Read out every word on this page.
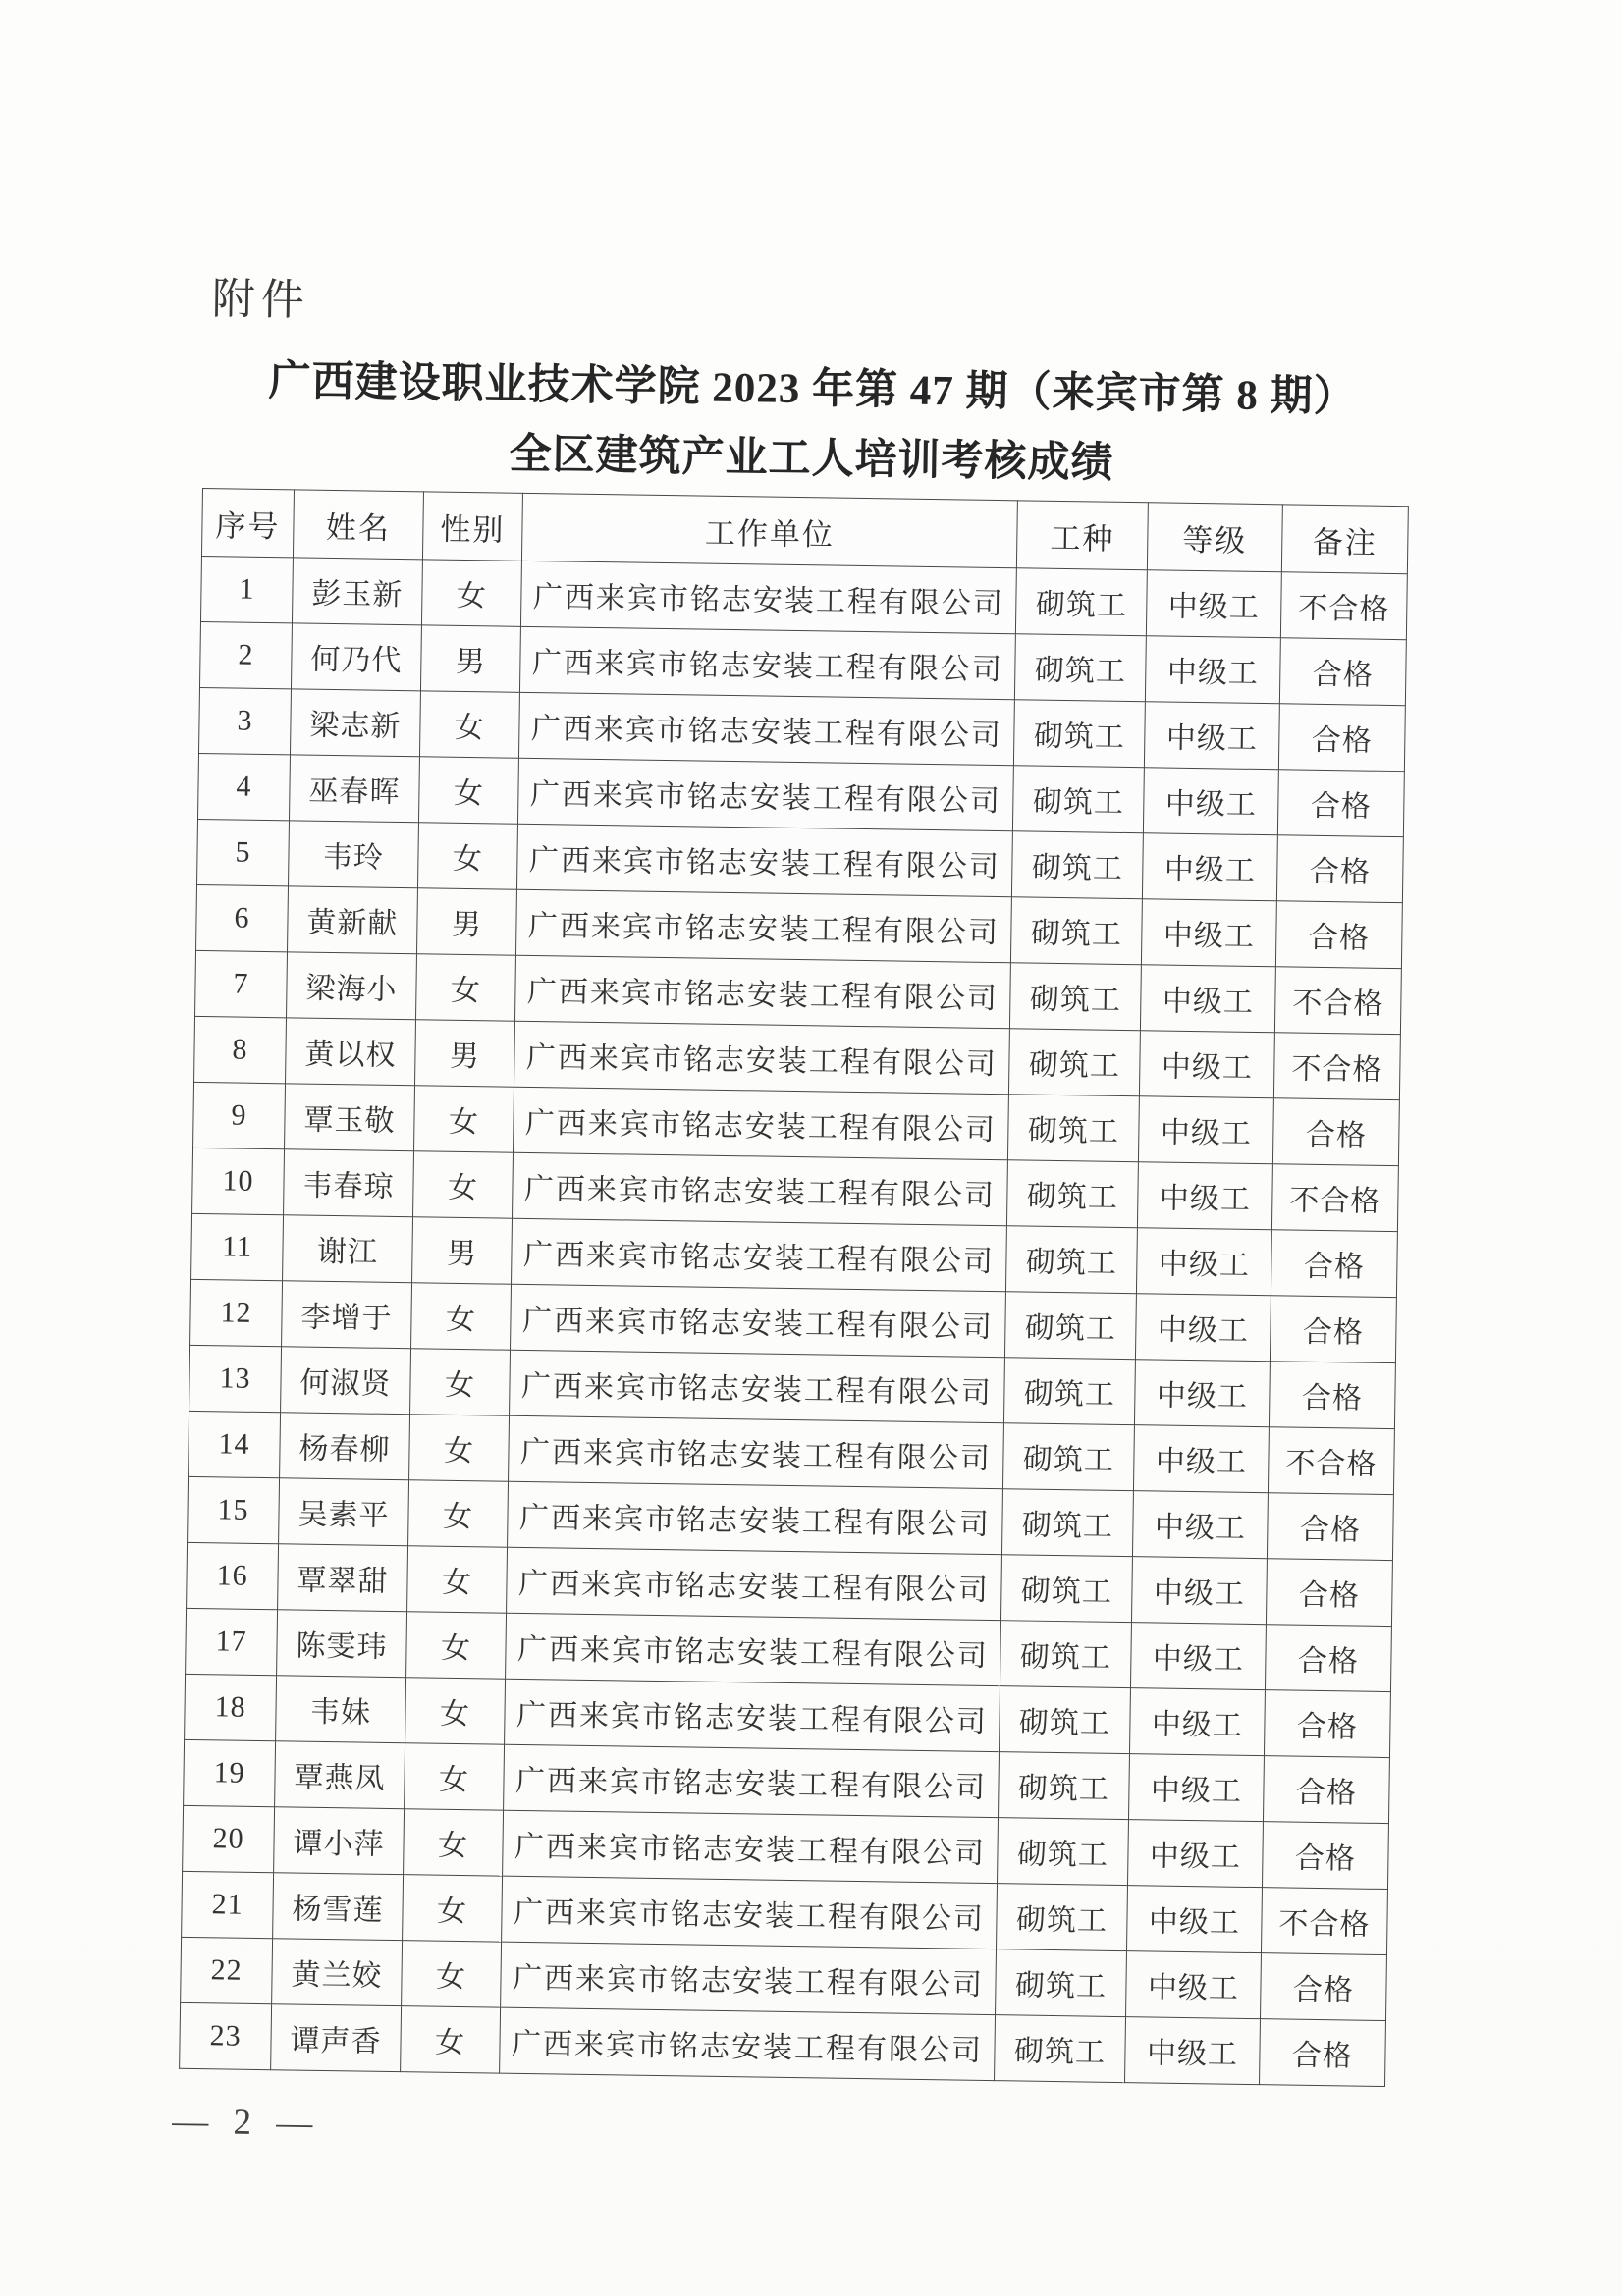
附件
广西建设职业技术学院 2023 年第 47 期（来宾市第 8 期）
全区建筑产业工人培训考核成绩
序号	姓名	性别	工作单位	工种	等级	备注
1	彭玉新	女	广西来宾市铭志安装工程有限公司	砌筑工	中级工	不合格
2	何乃代	男	广西来宾市铭志安装工程有限公司	砌筑工	中级工	合格
3	梁志新	女	广西来宾市铭志安装工程有限公司	砌筑工	中级工	合格
4	巫春晖	女	广西来宾市铭志安装工程有限公司	砌筑工	中级工	合格
5	韦玲	女	广西来宾市铭志安装工程有限公司	砌筑工	中级工	合格
6	黄新献	男	广西来宾市铭志安装工程有限公司	砌筑工	中级工	合格
7	梁海小	女	广西来宾市铭志安装工程有限公司	砌筑工	中级工	不合格
8	黄以权	男	广西来宾市铭志安装工程有限公司	砌筑工	中级工	不合格
9	覃玉敬	女	广西来宾市铭志安装工程有限公司	砌筑工	中级工	合格
10	韦春琼	女	广西来宾市铭志安装工程有限公司	砌筑工	中级工	不合格
11	谢江	男	广西来宾市铭志安装工程有限公司	砌筑工	中级工	合格
12	李增于	女	广西来宾市铭志安装工程有限公司	砌筑工	中级工	合格
13	何淑贤	女	广西来宾市铭志安装工程有限公司	砌筑工	中级工	合格
14	杨春柳	女	广西来宾市铭志安装工程有限公司	砌筑工	中级工	不合格
15	吴素平	女	广西来宾市铭志安装工程有限公司	砌筑工	中级工	合格
16	覃翠甜	女	广西来宾市铭志安装工程有限公司	砌筑工	中级工	合格
17	陈雯玮	女	广西来宾市铭志安装工程有限公司	砌筑工	中级工	合格
18	韦妹	女	广西来宾市铭志安装工程有限公司	砌筑工	中级工	合格
19	覃燕凤	女	广西来宾市铭志安装工程有限公司	砌筑工	中级工	合格
20	谭小萍	女	广西来宾市铭志安装工程有限公司	砌筑工	中级工	合格
21	杨雪莲	女	广西来宾市铭志安装工程有限公司	砌筑工	中级工	不合格
22	黄兰姣	女	广西来宾市铭志安装工程有限公司	砌筑工	中级工	合格
23	谭声香	女	广西来宾市铭志安装工程有限公司	砌筑工	中级工	合格
— 2 —
